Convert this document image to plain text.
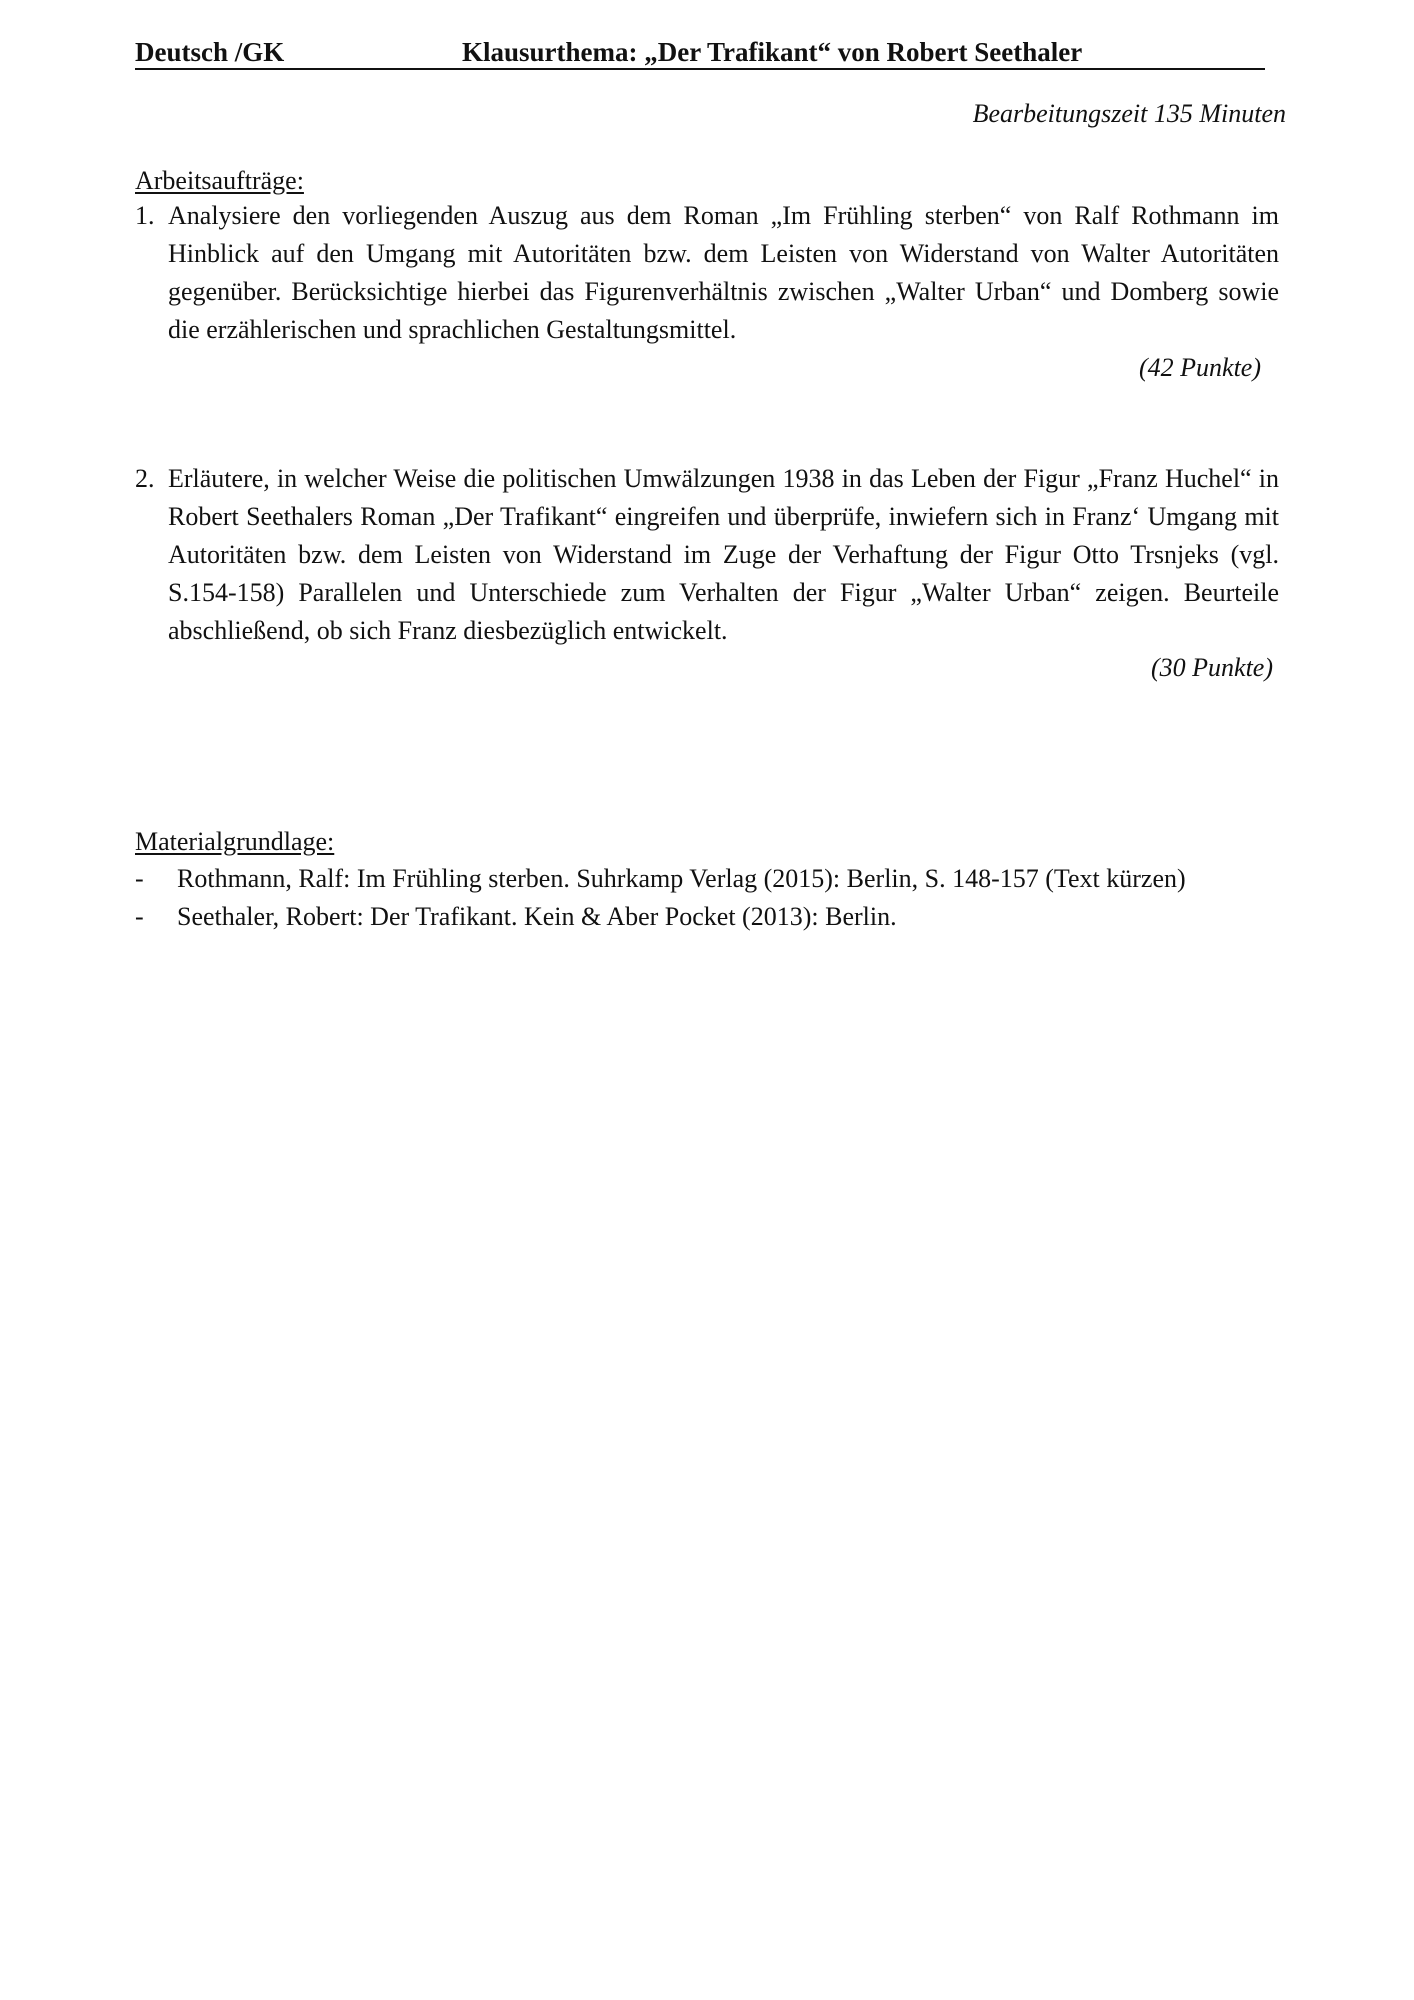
Deutsch /GK	Klausurthema: „Der Trafikant“ von Robert Seethaler
Bearbeitungszeit 135 Minuten
Arbeitsaufträge:
1. Analysiere den vorliegenden Auszug aus dem Roman „Im Frühling sterben“ von Ralf Rothmann im Hinblick auf den Umgang mit Autoritäten bzw. dem Leisten von Widerstand von Walter Autoritäten gegenüber. Berücksichtige hierbei das Figurenverhältnis zwischen „Walter Urban“ und Domberg sowie die erzählerischen und sprachlichen Gestaltungsmittel.
(42 Punkte)
2. Erläutere, in welcher Weise die politischen Umwälzungen 1938 in das Leben der Figur „Franz Huchel“ in Robert Seethalers Roman „Der Trafikant“ eingreifen und überprüfe, inwiefern sich in Franz‘ Umgang mit Autoritäten bzw. dem Leisten von Widerstand im Zuge der Verhaftung der Figur Otto Trsnjeks (vgl. S.154-158) Parallelen und Unterschiede zum Verhalten der Figur „Walter Urban“ zeigen. Beurteile abschließend, ob sich Franz diesbezüglich entwickelt.
(30 Punkte)
Materialgrundlage:
- Rothmann, Ralf: Im Frühling sterben. Suhrkamp Verlag (2015): Berlin, S. 148-157 (Text kürzen)
- Seethaler, Robert: Der Trafikant. Kein & Aber Pocket (2013): Berlin.
